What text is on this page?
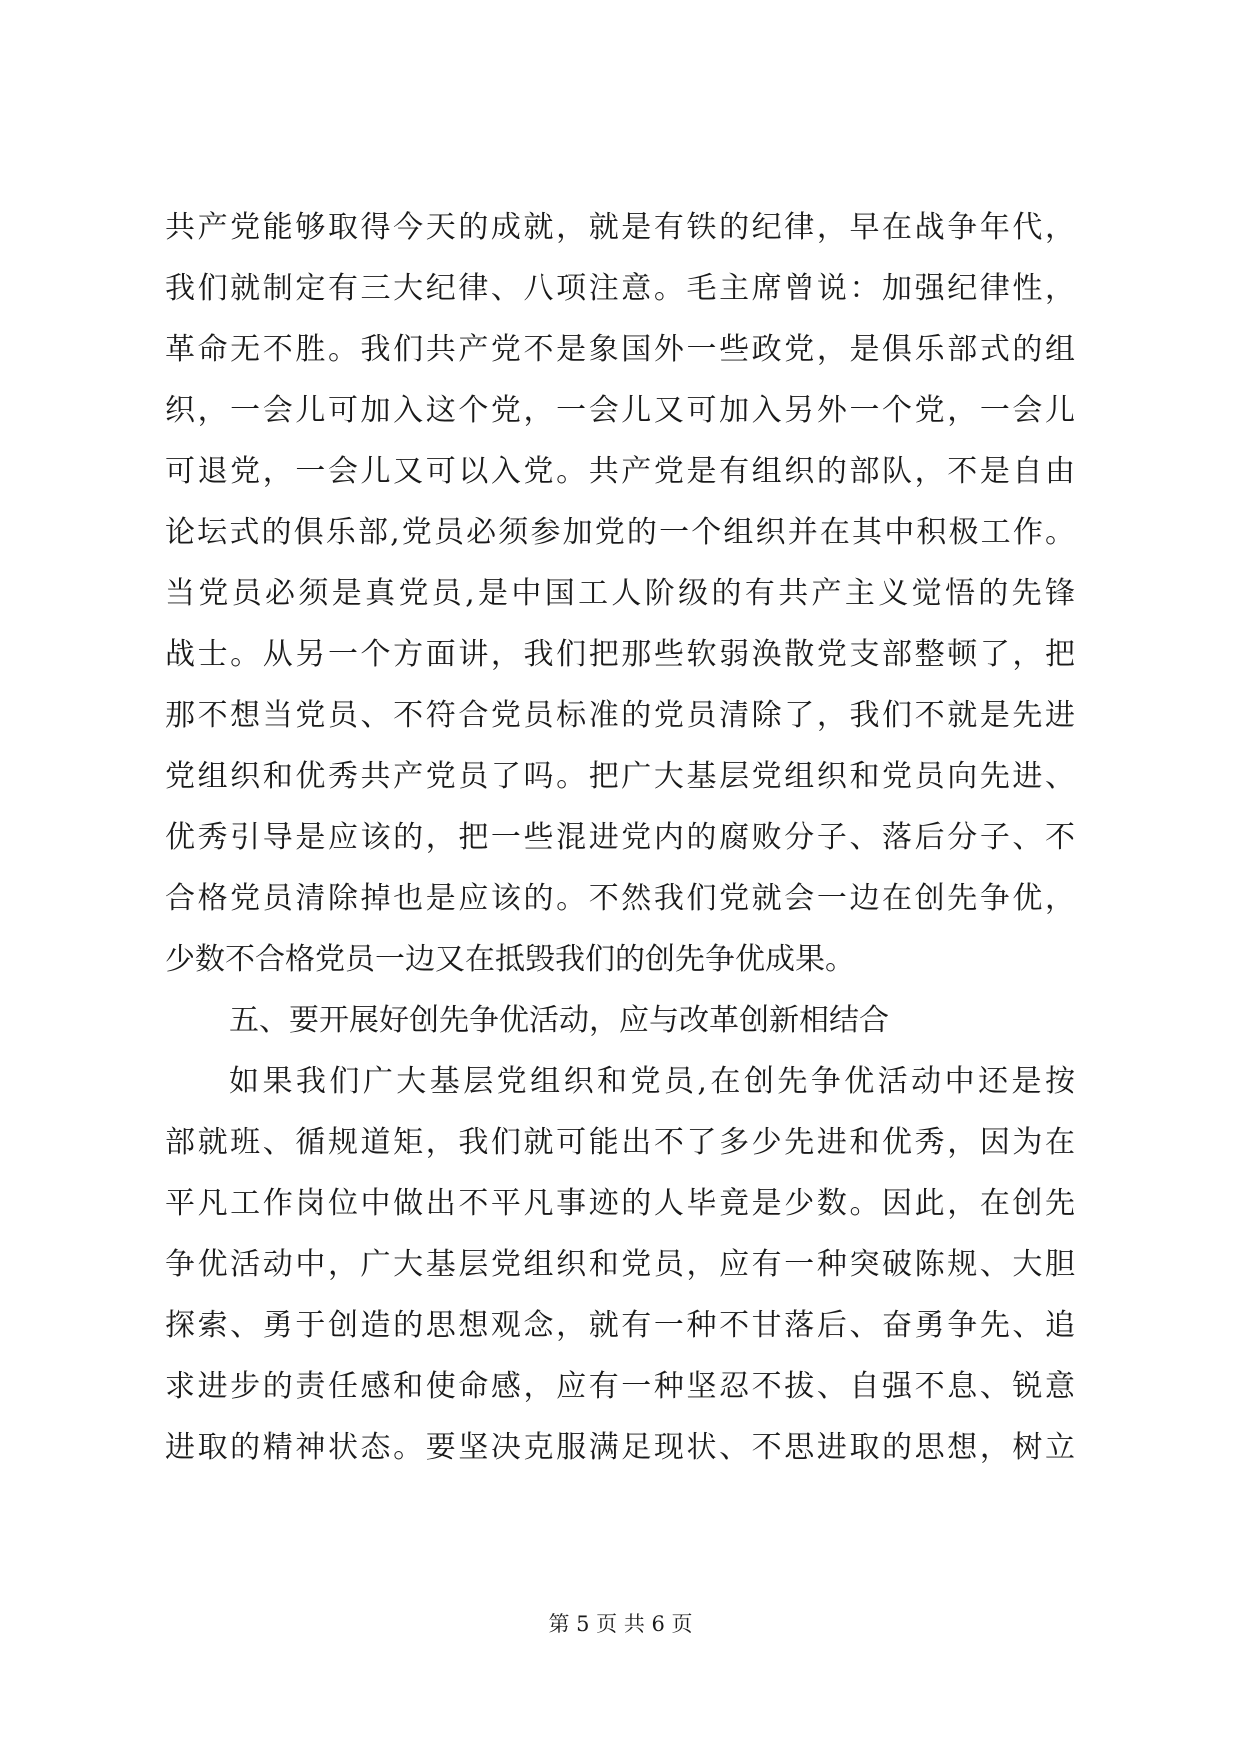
共产党能够取得今天的成就，就是有铁的纪律，早在战争年代，
我们就制定有三大纪律、八项注意。毛主席曾说：加强纪律性，
革命无不胜。我们共产党不是象国外一些政党，是俱乐部式的组
织，一会儿可加入这个党，一会儿又可加入另外一个党，一会儿
可退党，一会儿又可以入党。共产党是有组织的部队，不是自由
论坛式的俱乐部,党员必须参加党的一个组织并在其中积极工作。
当党员必须是真党员,是中国工人阶级的有共产主义觉悟的先锋
战士。从另一个方面讲，我们把那些软弱涣散党支部整顿了，把
那不想当党员、不符合党员标准的党员清除了，我们不就是先进
党组织和优秀共产党员了吗。把广大基层党组织和党员向先进、
优秀引导是应该的，把一些混进党内的腐败分子、落后分子、不
合格党员清除掉也是应该的。不然我们党就会一边在创先争优，
少数不合格党员一边又在抵毁我们的创先争优成果。
五、要开展好创先争优活动，应与改革创新相结合
如果我们广大基层党组织和党员,在创先争优活动中还是按
部就班、循规道矩，我们就可能出不了多少先进和优秀，因为在
平凡工作岗位中做出不平凡事迹的人毕竟是少数。因此，在创先
争优活动中，广大基层党组织和党员，应有一种突破陈规、大胆
探索、勇于创造的思想观念，就有一种不甘落后、奋勇争先、追
求进步的责任感和使命感，应有一种坚忍不拔、自强不息、锐意
进取的精神状态。要坚决克服满足现状、不思进取的思想，树立
第 5 页 共 6 页
